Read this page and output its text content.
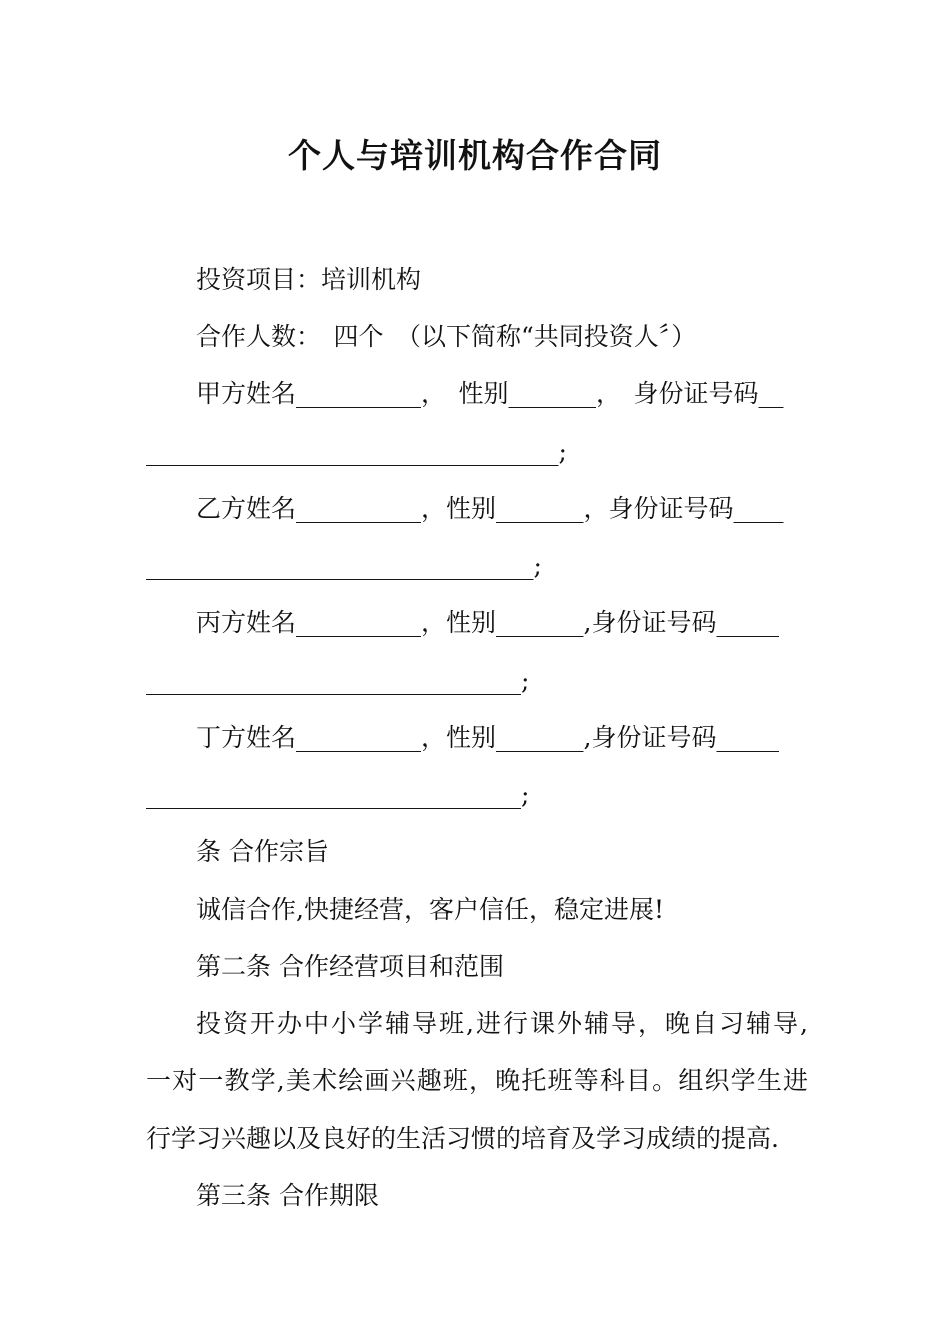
个人与培训机构合作合同

投资项目：培训机构

合作人数：　四个　（以下简称“共同投资人〞）

甲方姓名__________，　性别_______，　身份证号码__

_________________________________;

乙方姓名__________，性别_______，身份证号码____

_______________________________;

丙方姓名__________，性别_______,身份证号码_____

______________________________;

丁方姓名__________，性别_______,身份证号码_____

______________________________;

条 合作宗旨

诚信合作,快捷经营，客户信任，稳定进展!

第二条 合作经营项目和范围

投资开办中小学辅导班,进行课外辅导，晚自习辅导,

一对一教学,美术绘画兴趣班，晚托班等科目。组织学生进

行学习兴趣以及良好的生活习惯的培育及学习成绩的提高.

第三条 合作期限
